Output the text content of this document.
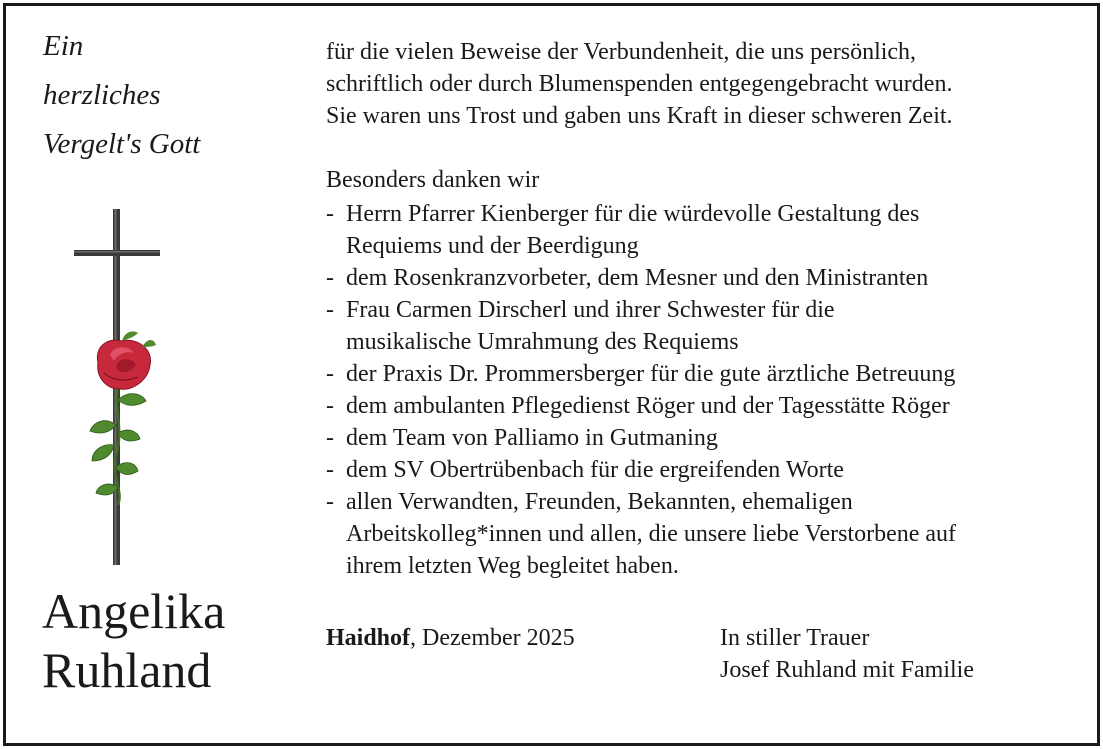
Ein
herzliches
Vergelt's Gott
Angelika
Ruhland
für die vielen Beweise der Verbundenheit, die uns persönlich,
schriftlich oder durch Blumenspenden entgegengebracht wurden.
Sie waren uns Trost und gaben uns Kraft in dieser schweren Zeit.
Besonders danken wir
- Herrn Pfarrer Kienberger für die würdevolle Gestaltung des
Requiems und der Beerdigung
- dem Rosenkranzvorbeter, dem Mesner und den Ministranten
- Frau Carmen Dirscherl und ihrer Schwester für die
musikalische Umrahmung des Requiems
- der Praxis Dr. Prommersberger für die gute ärztliche Betreuung
- dem ambulanten Pflegedienst Röger und der Tagesstätte Röger
- dem Team von Palliamo in Gutmaning
- dem SV Obertrübenbach für die ergreifenden Worte
- allen Verwandten, Freunden, Bekannten, ehemaligen
Arbeitskolleg*innen und allen, die unsere liebe Verstorbene auf
ihrem letzten Weg begleitet haben.
Haidhof, Dezember 2025	In stiller Trauer
Josef Ruhland mit Familie
